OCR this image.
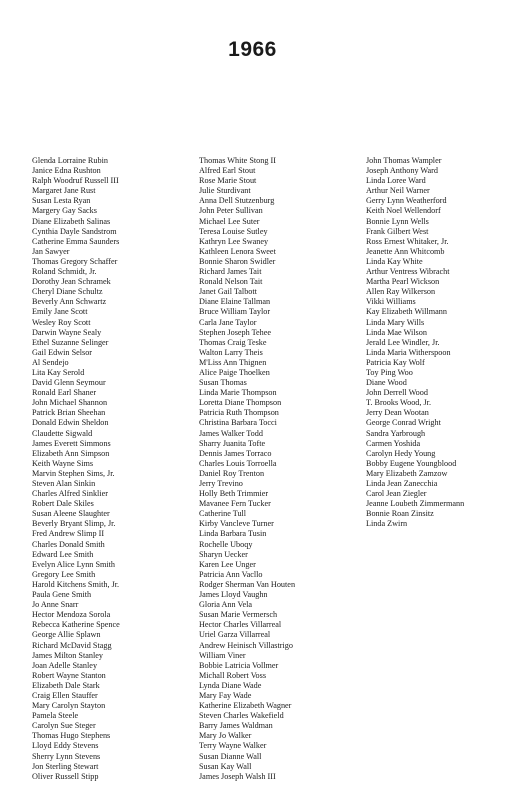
1966
Glenda Lorraine Rubin
Janice Edna Rushton
Ralph Woodruf Russell III
Margaret Jane Rust
Susan Lesta Ryan
Margery Gay Sacks
Diane Elizabeth Salinas
Cynthia Dayle Sandstrom
Catherine Emma Saunders
Jan Sawyer
Thomas Gregory Schaffer
Roland Schmidt, Jr.
Dorothy Jean Schramek
Cheryl Diane Schultz
Beverly Ann Schwartz
Emily Jane Scott
Wesley Roy Scott
Darwin Wayne Sealy
Ethel Suzanne Selinger
Gail Edwin Selsor
Al Sendejo
Lita Kay Serold
David Glenn Seymour
Ronald Earl Shaner
John Michael Shannon
Patrick Brian Sheehan
Donald Edwin Sheldon
Claudette Sigwald
James Everett Simmons
Elizabeth Ann Simpson
Keith Wayne Sims
Marvin Stephen Sims, Jr.
Steven Alan Sinkin
Charles Alfred Sinklier
Robert Dale Skiles
Susan Aleene Slaughter
Beverly Bryant Slimp, Jr.
Fred Andrew Slimp II
Charles Donald Smith
Edward Lee Smith
Evelyn Alice Lynn Smith
Gregory Lee Smith
Harold Kitchens Smith, Jr.
Paula Gene Smith
Jo Anne Snarr
Hector Mendoza Sorola
Rebecca Katherine Spence
George Allie Splawn
Richard McDavid Stagg
James Milton Stanley
Joan Adelle Stanley
Robert Wayne Stanton
Elizabeth Dale Stark
Craig Ellen Stauffer
Mary Carolyn Stayton
Pamela Steele
Carolyn Sue Steger
Thomas Hugo Stephens
Lloyd Eddy Stevens
Sherry Lynn Stevens
Jon Sterling Stewart
Oliver Russell Stipp
Thomas White Stong II
Alfred Earl Stout
Rose Marie Stout
Julie Sturdivant
Anna Dell Stutzenburg
John Peter Sullivan
Michael Lee Suter
Teresa Louise Sutley
Kathryn Lee Swaney
Kathleen Lenora Sweet
Bonnie Sharon Swidler
Richard James Tait
Ronald Nelson Tait
Janet Gail Talbott
Diane Elaine Tallman
Bruce William Taylor
Carla Jane Taylor
Stephen Joseph Tehee
Thomas Craig Teske
Walton Larry Theis
M'Liss Ann Thignen
Alice Paige Thoelken
Susan Thomas
Linda Marie Thompson
Loretta Diane Thompson
Patricia Ruth Thompson
Christina Barbara Tocci
James Walker Todd
Sharry Juanita Tofte
Dennis James Torraco
Charles Louis Torroella
Daniel Roy Trenton
Jerry Trevino
Holly Beth Trimmier
Mavanee Fern Tucker
Catherine Tull
Kirby Vancleve Turner
Linda Barbara Tusin
Rochelle Uboqy
Sharyn Uecker
Karen Lee Unger
Patricia Ann Vacllo
Rodger Sherman Van Houten
James Lloyd Vaughn
Gloria Ann Vela
Susan Marie Vermersch
Hector Charles Villarreal
Uriel Garza Villarreal
Andrew Heinisch Villastrigo
William Viner
Bobbie Latricia Vollmer
Michall Robert Voss
Lynda Diane Wade
Mary Fay Wade
Katherine Elizabeth Wagner
Steven Charles Wakefield
Barry James Waldman
Mary Jo Walker
Terry Wayne Walker
Susan Dianne Wall
Susan Kay Wall
James Joseph Walsh III
John Thomas Wampler
Joseph Anthony Ward
Linda Loree Ward
Arthur Neil Warner
Gerry Lynn Weatherford
Keith Noel Wellendorf
Bonnie Lynn Wells
Frank Gilbert West
Ross Ernest Whitaker, Jr.
Jeanette Ann Whitcomb
Linda Kay White
Arthur Ventress Wibracht
Martha Pearl Wickson
Allen Ray Wilkerson
Vikki Williams
Kay Elizabeth Willmann
Linda Mary Wills
Linda Mae Wilson
Jerald Lee Windler, Jr.
Linda Maria Witherspoon
Patricia Kay Wolf
Toy Ping Woo
Diane Wood
John Derrell Wood
T. Brooks Wood, Jr.
Jerry Dean Wootan
George Conrad Wright
Sandra Yarbrough
Carmen Yoshida
Carolyn Hedy Young
Bobby Eugene Youngblood
Mary Elizabeth Zamzow
Linda Jean Zanecchia
Carol Jean Ziegler
Jeanne Loubeth Zimmermann
Bonnie Roan Zinsitz
Linda Zwirn
